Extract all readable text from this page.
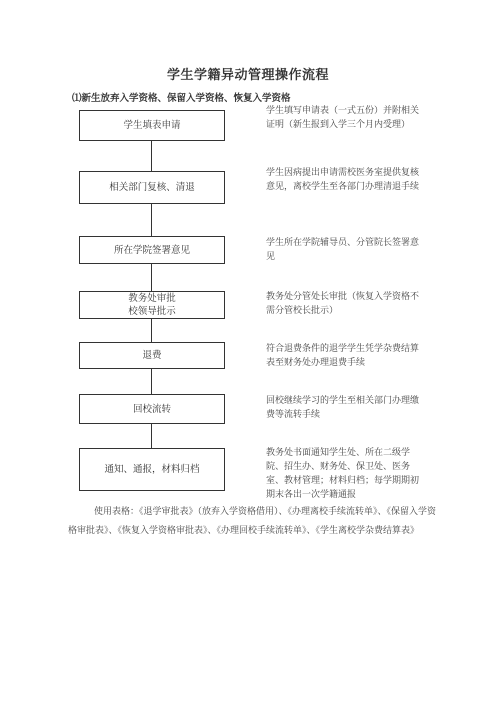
学生学籍异动管理操作流程
⑴新生放弃入学资格、保留入学资格、恢复入学资格
学生填表申请
相关部门复核、清退
所在学院签署意见
教务处审批
校领导批示
退费
回校流转
通知、通报，材料归档
学生填写申请表（一式五份）并附相关证明（新生报到入学三个月内受理）
学生因病提出申请需校医务室提供复核意见，离校学生至各部门办理清退手续
学生所在学院辅导员、分管院长签署意见
教务处分管处长审批（恢复入学资格不需分管校长批示）
符合退费条件的退学学生凭学杂费结算表至财务处办理退费手续
回校继续学习的学生至相关部门办理缴费等流转手续
教务处书面通知学生处、所在二级学院、招生办、财务处、保卫处、医务室、教材管理；材料归档；每学期期初期末各出一次学籍通报
使用表格：《退学审批表》（放弃入学资格借用）、《办理离校手续流转单》、《保留入学资格审批表》、《恢复入学资格审批表》、《办理回校手续流转单》、《学生离校学杂费结算表》
